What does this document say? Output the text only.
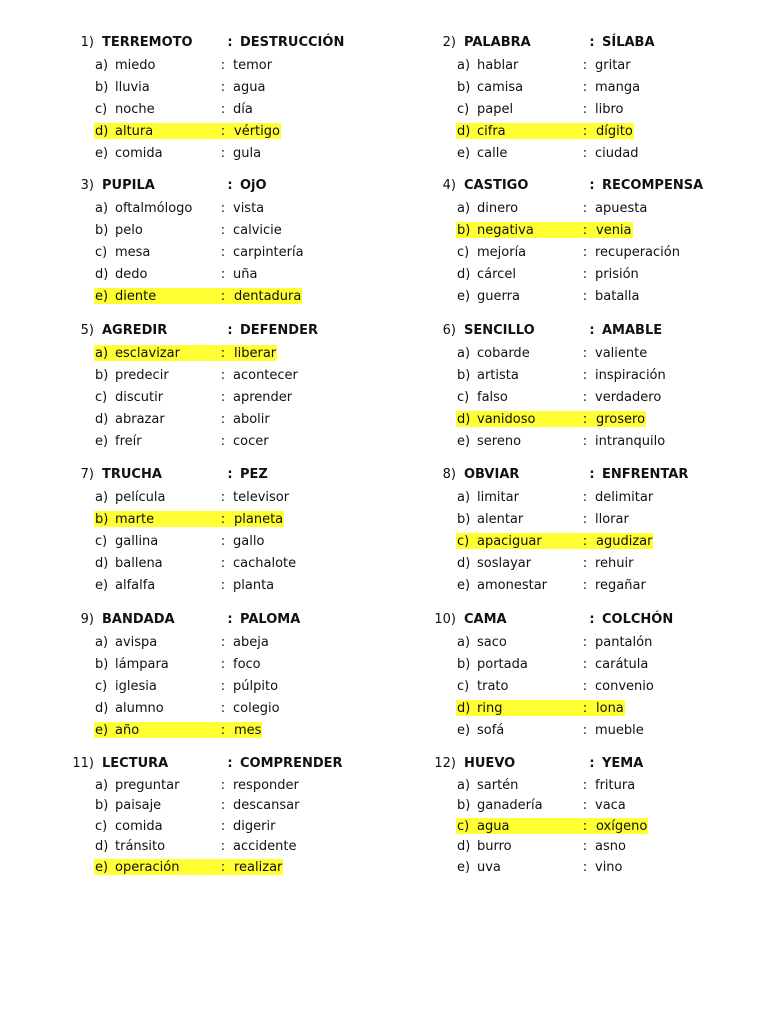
1) TERREMOTO	: DESTRUCCIÓN
a) miedo	: temor
b) lluvia	: agua
c) noche	: día
d) altura	: vértigo
e) comida	: gula
2) PALABRA	: SÍLABA
a) hablar	: gritar
b) camisa	: manga
c) papel	: libro
d) cifra	: dígito
e) calle	: ciudad
3) PUPILA	: OjO
a) oftalmólogo	: vista
b) pelo	: calvicie
c) mesa	: carpintería
d) dedo	: uña
e) diente	: dentadura
4) CASTIGO	: RECOMPENSA
a) dinero	: apuesta
b) negativa	: venia
c) mejoría	: recuperación
d) cárcel	: prisión
e) guerra	: batalla
5) AGREDIR	: DEFENDER
a) esclavizar	: liberar
b) predecir	: acontecer
c) discutir	: aprender
d) abrazar	: abolir
e) freír	: cocer
6) SENCILLO	: AMABLE
a) cobarde	: valiente
b) artista	: inspiración
c) falso	: verdadero
d) vanidoso	: grosero
e) sereno	: intranquilo
7) TRUCHA	: PEZ
a) película	: televisor
b) marte	: planeta
c) gallina	: gallo
d) ballena	: cachalote
e) alfalfa	: planta
8) OBVIAR	: ENFRENTAR
a) limitar	: delimitar
b) alentar	: llorar
c) apaciguar	: agudizar
d) soslayar	: rehuir
e) amonestar	: regañar
9) BANDADA	: PALOMA
a) avispa	: abeja
b) lámpara	: foco
c) iglesia	: púlpito
d) alumno	: colegio
e) año	: mes
10) CAMA	: COLCHÓN
a) saco	: pantalón
b) portada	: carátula
c) trato	: convenio
d) ring	: lona
e) sofá	: mueble
11) LECTURA	: COMPRENDER
a) preguntar	: responder
b) paisaje	: descansar
c) comida	: digerir
d) tránsito	: accidente
e) operación	: realizar
12) HUEVO	: YEMA
a) sartén	: fritura
b) ganadería	: vaca
c) agua	: oxígeno
d) burro	: asno
e) uva	: vino
